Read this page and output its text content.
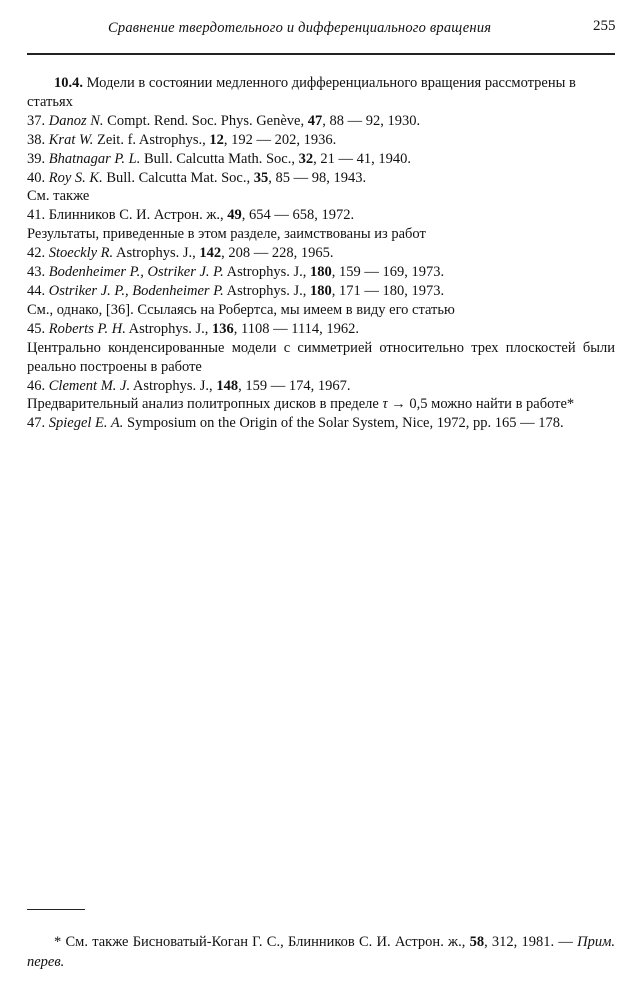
Сравнение твердотельного и дифференциального вращения	255
10.4. Модели в состоянии медленного дифференциального вращения рассмотрены в статьях
37. Danoz N. Compt. Rend. Soc. Phys. Genève, 47, 88 — 92, 1930.
38. Krat W. Zeit. f. Astrophys., 12, 192 — 202, 1936.
39. Bhatnagar P. L. Bull. Calcutta Math. Soc., 32, 21 — 41, 1940.
40. Roy S. K. Bull. Calcutta Mat. Soc., 35, 85 — 98, 1943.
См. также
41. Блинников С. И. Астрон. ж., 49, 654 — 658, 1972.
Результаты, приведенные в этом разделе, заимствованы из работ
42. Stoeckly R. Astrophys. J., 142, 208 — 228, 1965.
43. Bodenheimer P., Ostriker J. P. Astrophys. J., 180, 159 — 169, 1973.
44. Ostriker J. P., Bodenheimer P. Astrophys. J., 180, 171 — 180, 1973.
См., однако, [36]. Ссылаясь на Робертса, мы имеем в виду его статью
45. Roberts P. H. Astrophys. J., 136, 1108 — 1114, 1962.
Центрально конденсированные модели с симметрией относительно трех плоскостей были реально построены в работе
46. Clement M. J. Astrophys. J., 148, 159 — 174, 1967.
Предварительный анализ политропных дисков в пределе τ → 0,5 можно найти в работе*
47. Spiegel E. A. Symposium on the Origin of the Solar System, Nice, 1972, pp. 165 — 178.
* См. также Бисноватый-Коган Г. С., Блинников С. И. Астрон. ж., 58, 312, 1981. — Прим. перев.
